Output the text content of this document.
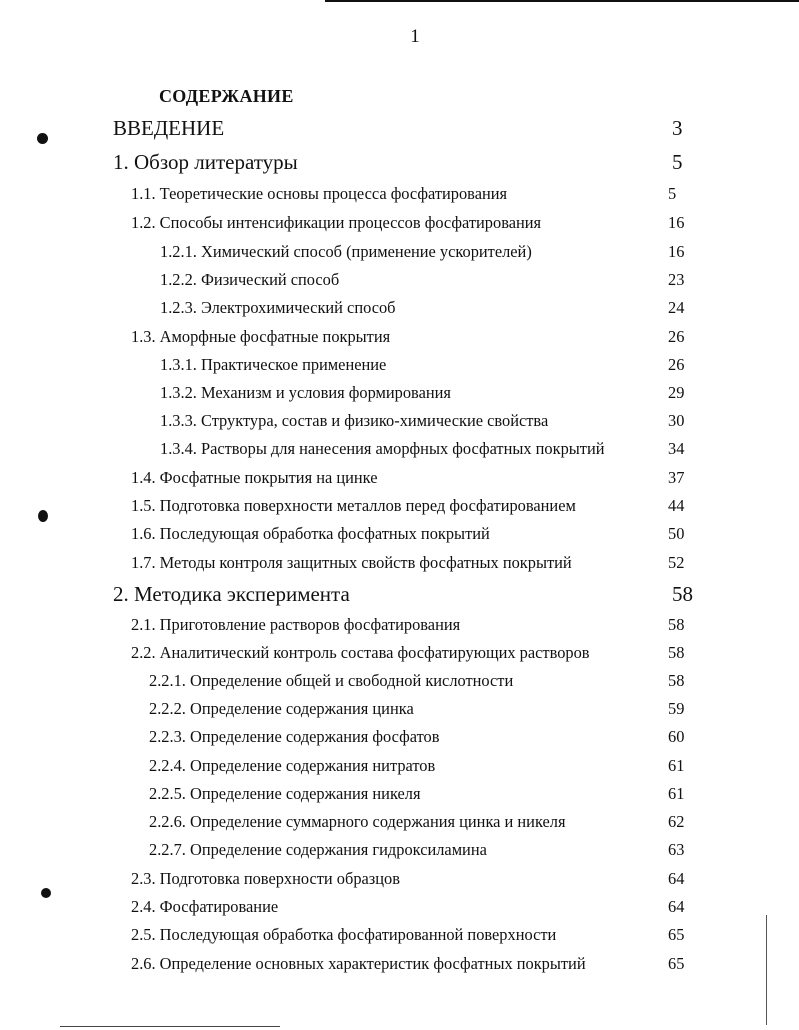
1
СОДЕРЖАНИЕ
ВВЕДЕНИЕ	3
1. Обзор литературы	5
1.1. Теоретические основы процесса фосфатирования	5
1.2. Способы интенсификации процессов фосфатирования	16
1.2.1. Химический способ (применение ускорителей)	16
1.2.2. Физический способ	23
1.2.3. Электрохимический способ	24
1.3. Аморфные фосфатные покрытия	26
1.3.1. Практическое применение	26
1.3.2. Механизм и условия формирования	29
1.3.3. Структура, состав и физико-химические свойства	30
1.3.4. Растворы для нанесения аморфных фосфатных покрытий	34
1.4. Фосфатные покрытия на цинке	37
1.5. Подготовка поверхности металлов перед фосфатированием	44
1.6. Последующая обработка фосфатных покрытий	50
1.7. Методы контроля защитных свойств фосфатных покрытий	52
2. Методика эксперимента	58
2.1. Приготовление растворов фосфатирования	58
2.2. Аналитический контроль состава фосфатирующих растворов	58
2.2.1. Определение общей и свободной кислотности	58
2.2.2. Определение содержания цинка	59
2.2.3. Определение содержания фосфатов	60
2.2.4. Определение содержания нитратов	61
2.2.5. Определение содержания никеля	61
2.2.6. Определение суммарного содержания цинка и никеля	62
2.2.7. Определение содержания гидроксиламина	63
2.3. Подготовка поверхности образцов	64
2.4. Фосфатирование	64
2.5. Последующая обработка фосфатированной поверхности	65
2.6. Определение основных характеристик фосфатных покрытий	65
